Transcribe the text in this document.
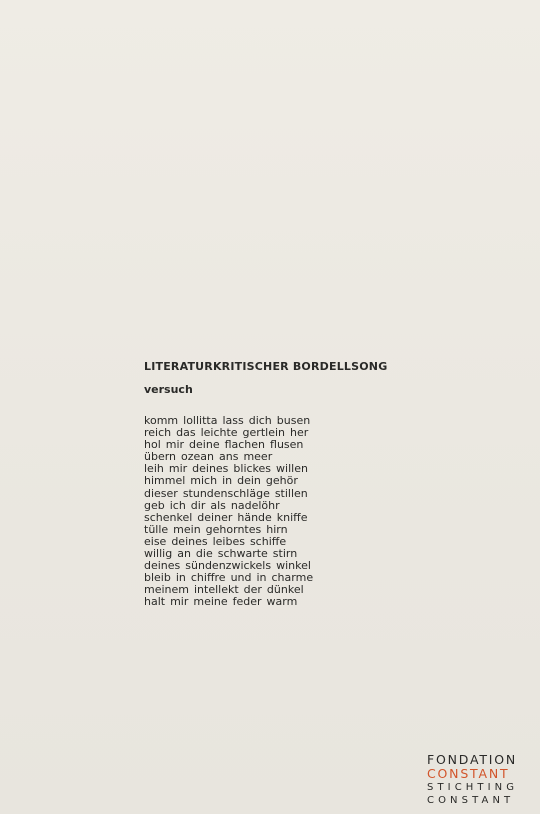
LITERATURKRITISCHER BORDELLSONG
versuch
komm lollitta lass dich busen
reich das leichte gertlein her
hol mir deine flachen flusen
übern ozean ans meer
leih mir deines blickes willen
himmel mich in dein gehör
dieser stundenschläge stillen
geb ich dir als nadelöhr
schenkel deiner hände kniffe
tülle mein gehorntes hirn
eise deines leibes schiffe
willig an die schwarte stirn
deines sündenzwickels winkel
bleib in chiffre und in charme
meinem intellekt der dünkel
halt mir meine feder warm
FONDATION
CONSTANT
STICHTING
CONSTANT
